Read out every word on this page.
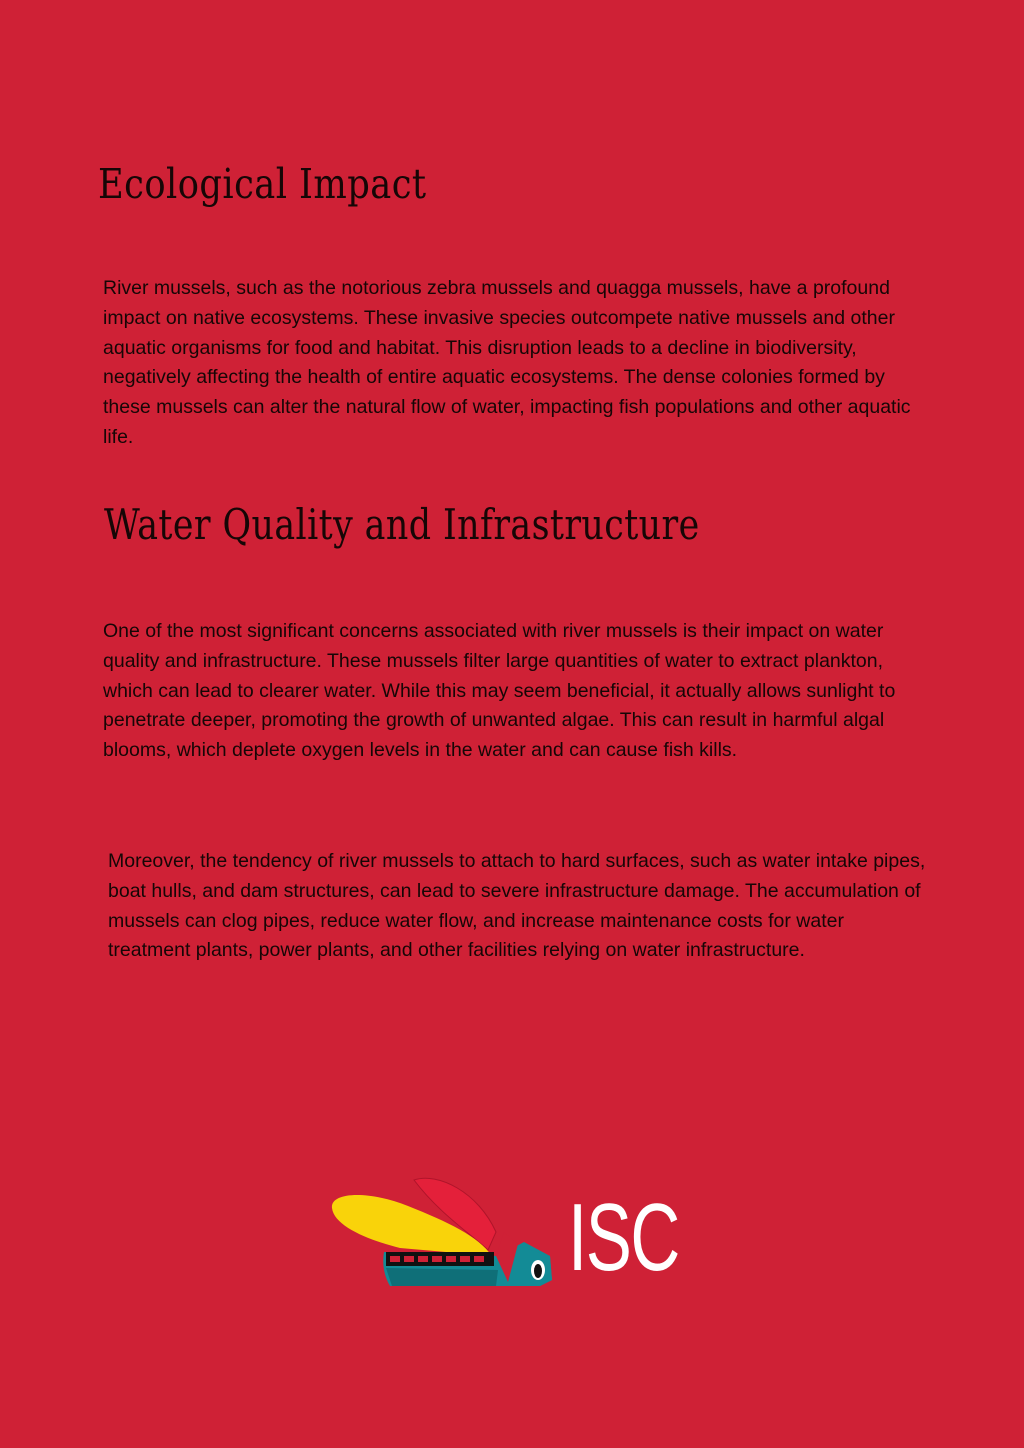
Ecological Impact

River mussels, such as the notorious zebra mussels and quagga mussels, have a profound impact on native ecosystems. These invasive species outcompete native mussels and other aquatic organisms for food and habitat. This disruption leads to a decline in biodiversity, negatively affecting the health of entire aquatic ecosystems. The dense colonies formed by these mussels can alter the natural flow of water, impacting fish populations and other aquatic life.

Water Quality and Infrastructure

One of the most significant concerns associated with river mussels is their impact on water quality and infrastructure. These mussels filter large quantities of water to extract plankton, which can lead to clearer water. While this may seem beneficial, it actually allows sunlight to penetrate deeper, promoting the growth of unwanted algae. This can result in harmful algal blooms, which deplete oxygen levels in the water and can cause fish kills.

Moreover, the tendency of river mussels to attach to hard surfaces, such as water intake pipes, boat hulls, and dam structures, can lead to severe infrastructure damage. The accumulation of mussels can clog pipes, reduce water flow, and increase maintenance costs for water treatment plants, power plants, and other facilities relying on water infrastructure.

ISC
